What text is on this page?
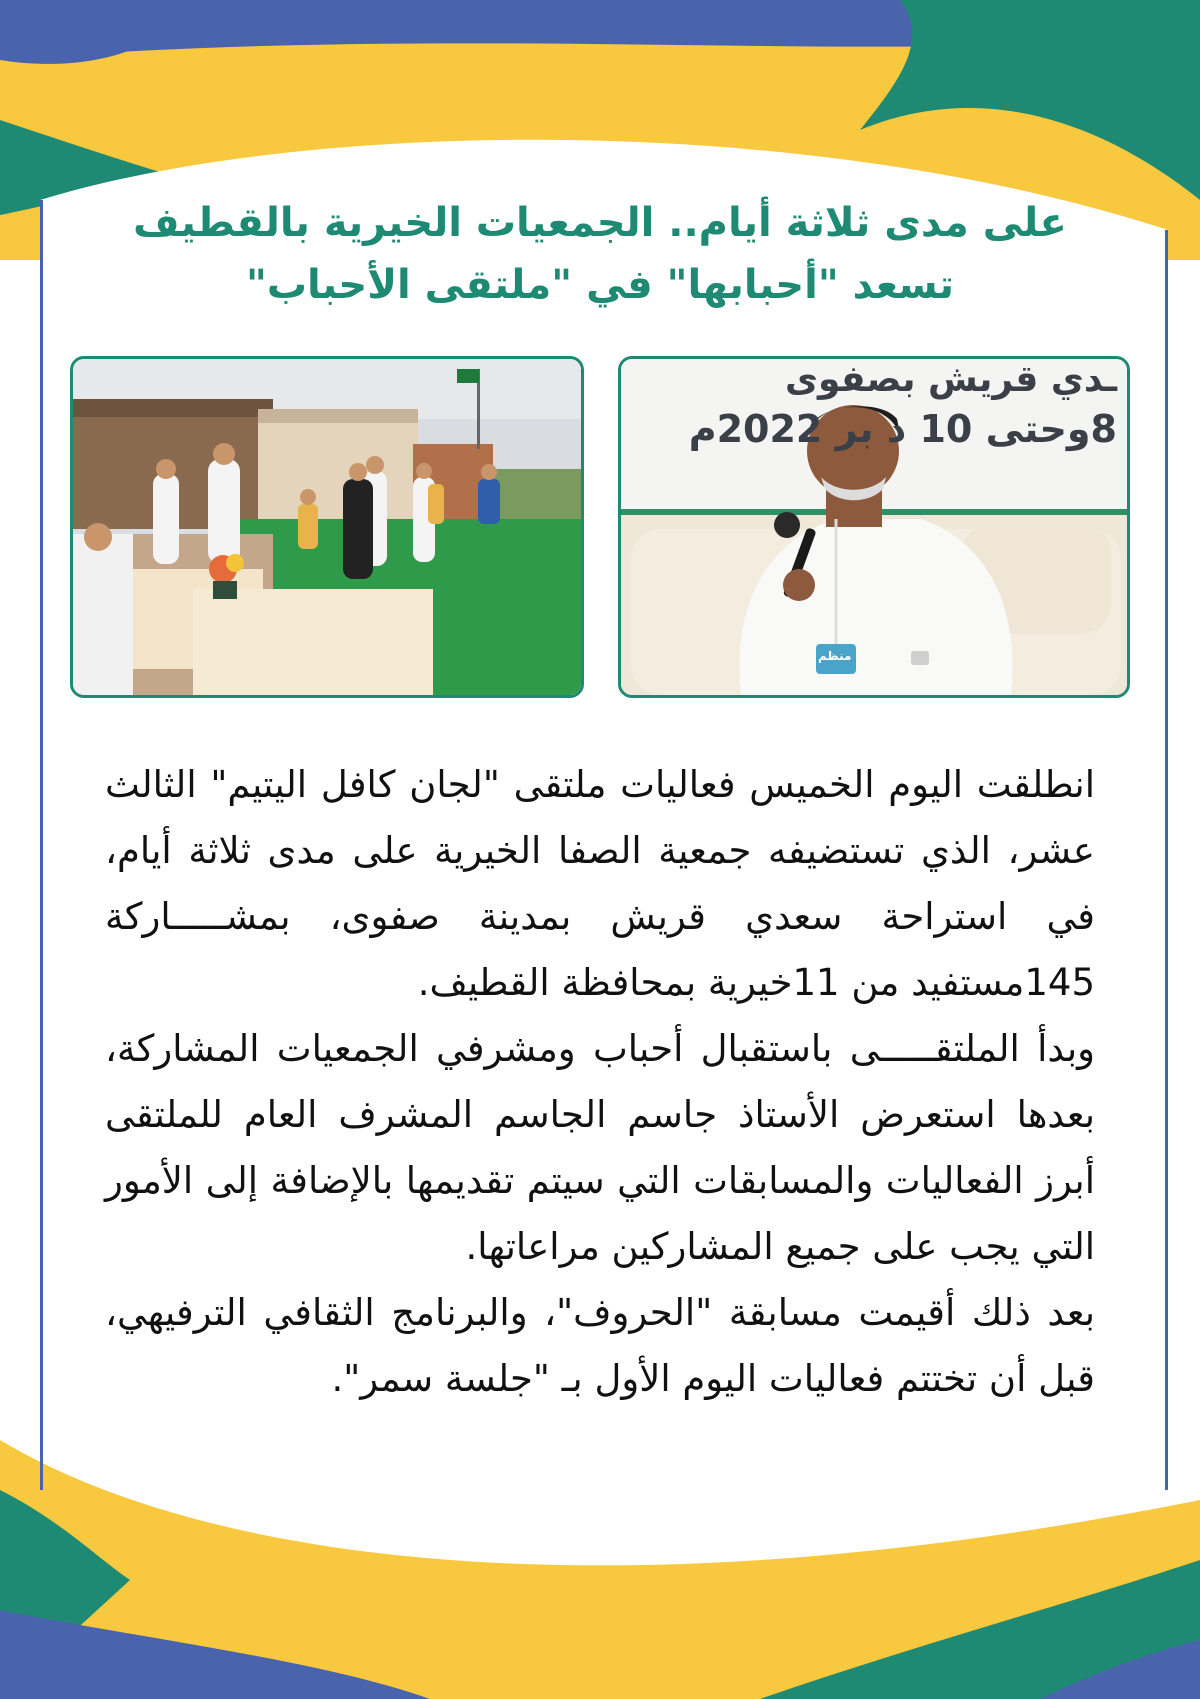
على مدى ثلاثة أيام.. الجمعيات الخيرية بالقطيف
تسعد "أحبابها" في "ملتقى الأحباب"
ـدي قريش بصفوى
8وحتى 10 د بر 2022م
منظم

انطلقت اليوم الخميس فعاليات ملتقى "لجان كافل اليتيم" الثالث عشر، الذي تستضيفه جمعية الصفا الخيرية على مدى ثلاثة أيام، في استراحة سعدي قريش بمدينة صفوى، بمشـــــاركة 145مستفيد من 11خيرية بمحافظة القطيف.

وبدأ الملتقـــــى باستقبال أحباب ومشرفي الجمعيات المشاركة، بعدها استعرض الأستاذ جاسم الجاسم المشرف العام للملتقى أبرز الفعاليات والمسابقات التي سيتم تقديمها بالإضافة إلى الأمور التي يجب على جميع المشاركين مراعاتها.

بعد ذلك أقيمت مسابقة "الحروف"، والبرنامج الثقافي الترفيهي، قبل أن تختتم فعاليات اليوم الأول بـ "جلسة سمر".
